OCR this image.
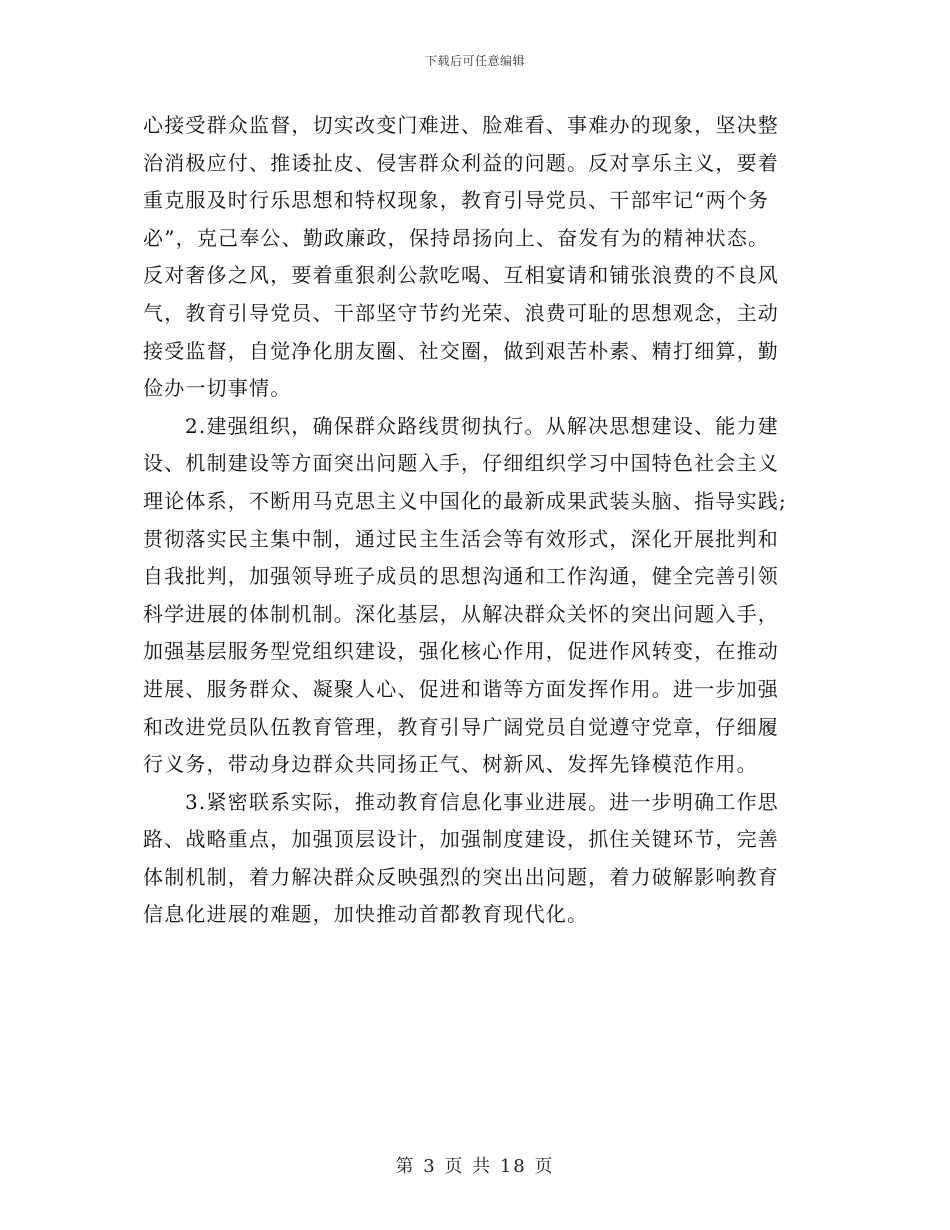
下载后可任意编辑
心接受群众监督，切实改变门难进、脸难看、事难办的现象，坚决整
治消极应付、推诿扯皮、侵害群众利益的问题。反对享乐主义，要着
重克服及时行乐思想和特权现象，教育引导党员、干部牢记“两个务
必”，克己奉公、勤政廉政，保持昂扬向上、奋发有为的精神状态。
反对奢侈之风，要着重狠刹公款吃喝、互相宴请和铺张浪费的不良风
气，教育引导党员、干部坚守节约光荣、浪费可耻的思想观念，主动
接受监督，自觉净化朋友圈、社交圈，做到艰苦朴素、精打细算，勤
俭办一切事情。
2.建强组织，确保群众路线贯彻执行。从解决思想建设、能力建
设、机制建设等方面突出问题入手，仔细组织学习中国特色社会主义
理论体系，不断用马克思主义中国化的最新成果武装头脑、指导实践;
贯彻落实民主集中制，通过民主生活会等有效形式，深化开展批判和
自我批判，加强领导班子成员的思想沟通和工作沟通，健全完善引领
科学进展的体制机制。深化基层，从解决群众关怀的突出问题入手，
加强基层服务型党组织建设，强化核心作用，促进作风转变，在推动
进展、服务群众、凝聚人心、促进和谐等方面发挥作用。进一步加强
和改进党员队伍教育管理，教育引导广阔党员自觉遵守党章，仔细履
行义务，带动身边群众共同扬正气、树新风、发挥先锋模范作用。
3.紧密联系实际，推动教育信息化事业进展。进一步明确工作思
路、战略重点，加强顶层设计，加强制度建设，抓住关键环节，完善
体制机制，着力解决群众反映强烈的突出出问题，着力破解影响教育
信息化进展的难题，加快推动首都教育现代化。
第 3 页 共 18 页
